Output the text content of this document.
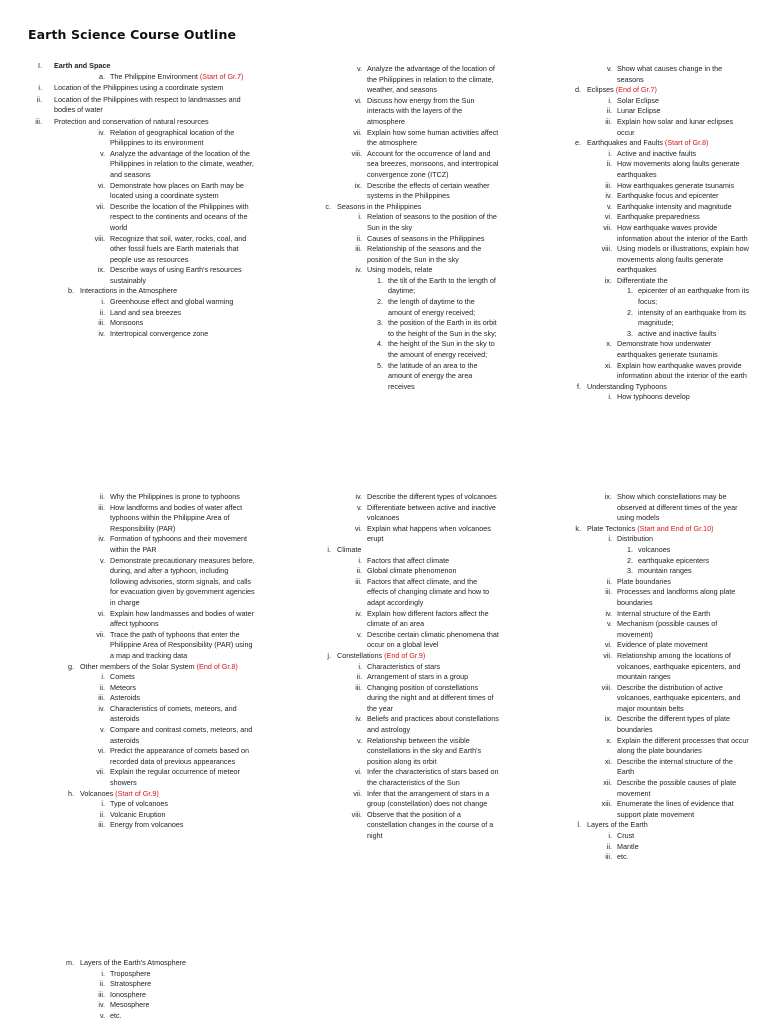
Earth Science Course Outline
I. Earth and Space
a. The Philippine Environment (Start of Gr.7)
i. Location of the Philippines using a coordinate system
ii. Location of the Philippines with respect to landmasses and bodies of water
iii. Protection and conservation of natural resources
iv. Relation of geographical location of the Philippines to its environment
v. Analyze the advantage of the location of the Philippines in relation to the climate, weather, and seasons
vi. Demonstrate how places on Earth may be located using a coordinate system
vii. Describe the location of the Philippines with respect to the continents and oceans of the world
viii. Recognize that soil, water, rocks, coal, and other fossil fuels are Earth materials that people use as resources
ix. Describe ways of using Earth's resources sustainably
b. Interactions in the Atmosphere
i. Greenhouse effect and global warming
ii. Land and sea breezes
iii. Monsoons
iv. Intertropical convergence zone
v. Analyze the advantage of the location of the Philippines in relation to the climate, weather, and seasons
vi. Discuss how energy from the Sun interacts with the layers of the atmosphere
vii. Explain how some human activities affect the atmosphere
viii. Account for the occurrence of land and sea breezes, monsoons, and intertropical convergence zone (ITCZ)
ix. Describe the effects of certain weather systems in the Philippines
c. Seasons in the Philippines
i. Relation of seasons to the position of the Sun in the sky
ii. Causes of seasons in the Philippines
iii. Relationship of the seasons and the position of the Sun in the sky
iv. Using models, relate
1. the tilt of the Earth to the length of daytime;
2. the length of daytime to the amount of energy received;
3. the position of the Earth in its orbit to the height of the Sun in the sky;
4. the height of the Sun in the sky to the amount of energy received;
5. the latitude of an area to the amount of energy the area receives
v. Show what causes change in the seasons
d. Eclipses (End of Gr.7)
i. Solar Eclipse
ii. Lunar Eclipse
iii. Explain how solar and lunar eclipses occur
e. Earthquakes and Faults (Start of Gr.8)
i. Active and inactive faults
ii. How movements along faults generate earthquakes
iii. How earthquakes generate tsunamis
iv. Earthquake focus and epicenter
v. Earthquake intensity and magnitude
vi. Earthquake preparedness
vii. How earthquake waves provide information about the interior of the Earth
viii. Using models or illustrations, explain how movements along faults generate earthquakes
ix. Differentiate the
1. epicenter of an earthquake from its focus;
2. intensity of an earthquake from its magnitude;
3. active and inactive faults
x. Demonstrate how underwater earthquakes generate tsunamis
xi. Explain how earthquake waves provide information about the interior of the earth
f. Understanding Typhoons
i. How typhoons develop
ii. Why the Philippines is prone to typhoons
iii. How landforms and bodies of water affect typhoons within the Philippine Area of Responsibility (PAR)
iv. Formation of typhoons and their movement within the PAR
v. Demonstrate precautionary measures before, during, and after a typhoon, including following advisories, storm signals, and calls for evacuation given by government agencies in charge
vi. Explain how landmasses and bodies of water affect typhoons
vii. Trace the path of typhoons that enter the Philippine Area of Responsibility (PAR) using a map and tracking data
g. Other members of the Solar System (End of Gr.8)
i. Comets
ii. Meteors
iii. Asteroids
iv. Characteristics of comets, meteors, and asteroids
v. Compare and contrast comets, meteors, and asteroids
vi. Predict the appearance of comets based on recorded data of previous appearances
vii. Explain the regular occurrence of meteor showers
h. Volcanoes (Start of Gr.9)
i. Type of volcanoes
ii. Volcanic Eruption
iii. Energy from volcanoes
iv. Describe the different types of volcanoes
v. Differentiate between active and inactive volcanoes
vi. Explain what happens when volcanoes erupt
i. Climate
i. Factors that affect climate
ii. Global climate phenomenon
iii. Factors that affect climate, and the effects of changing climate and how to adapt accordingly
iv. Explain how different factors affect the climate of an area
v. Describe certain climatic phenomena that occur on a global level
j. Constellations (End of Gr.9)
i. Characteristics of stars
ii. Arrangement of stars in a group
iii. Changing position of constellations during the night and at different times of the year
iv. Beliefs and practices about constellations and astrology
v. Relationship between the visible constellations in the sky and Earth's position along its orbit
vi. Infer the characteristics of stars based on the characteristics of the Sun
vii. Infer that the arrangement of stars in a group (constellation) does not change
viii. Observe that the position of a constellation changes in the course of a night
ix. Show which constellations may be observed at different times of the year using models
k. Plate Tectonics (Start and End of Gr.10)
i. Distribution
1. volcanoes
2. earthquake epicenters
3. mountain ranges
ii. Plate boundaries
iii. Processes and landforms along plate boundaries
iv. Internal structure of the Earth
v. Mechanism (possible causes of movement)
vi. Evidence of plate movement
vii. Relationship among the locations of volcanoes, earthquake epicenters, and mountain ranges
viii. Describe the distribution of active volcanoes, earthquake epicenters, and major mountain belts
ix. Describe the different types of plate boundaries
x. Explain the different processes that occur along the plate boundaries
xi. Describe the internal structure of the Earth
xii. Describe the possible causes of plate movement
xiii. Enumerate the lines of evidence that support plate movement
l. Layers of the Earth
i. Crust
ii. Mantle
iii. etc.
m. Layers of the Earth's Atmosphere
i. Troposphere
ii. Stratosphere
iii. Ionosphere
iv. Mesosphere
v. etc.
